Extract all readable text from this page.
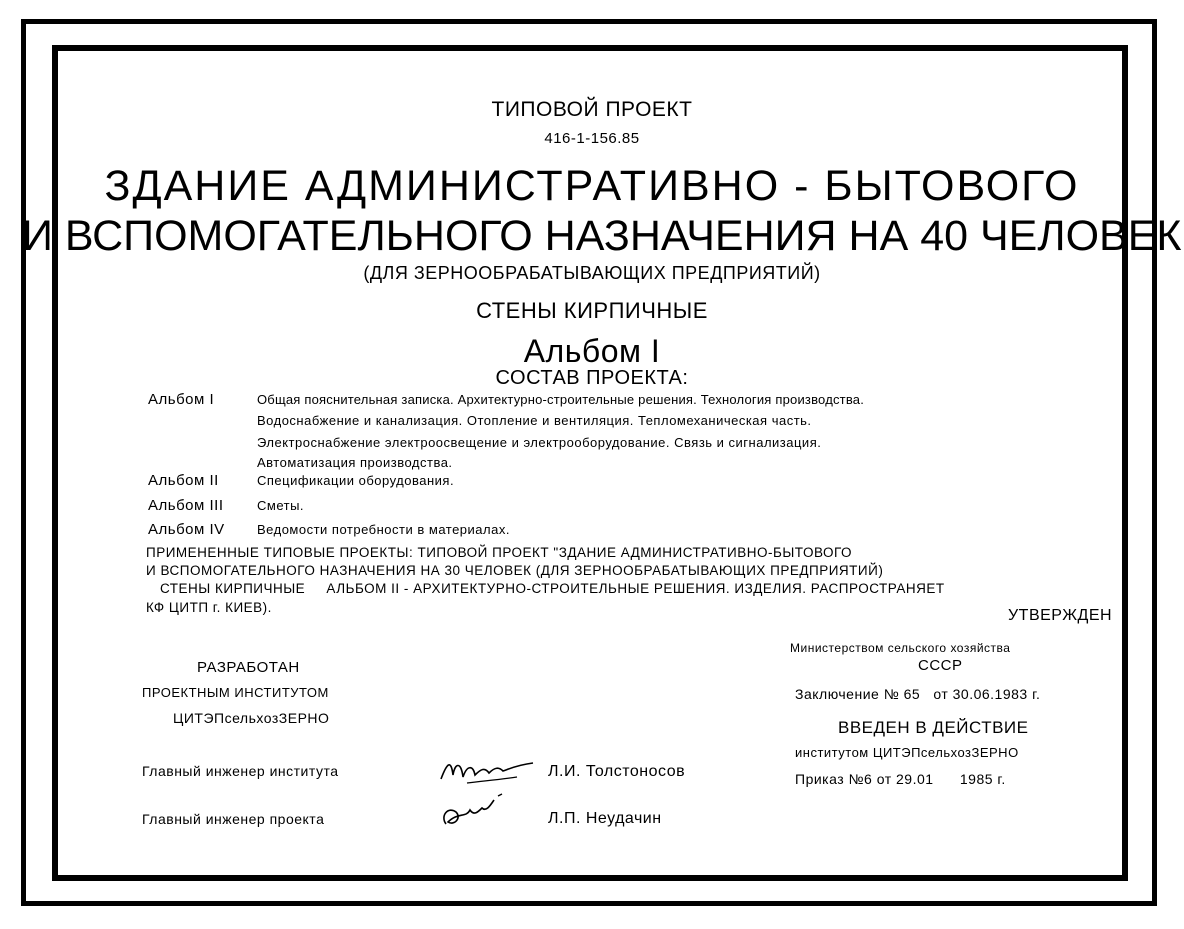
ТИПОВОЙ ПРОЕКТ
416-1-156.85
ЗДАНИЕ АДМИНИСТРАТИВНО - БЫТОВОГО
И ВСПОМОГАТЕЛЬНОГО НАЗНАЧЕНИЯ НА 40 ЧЕЛОВЕК
(ДЛЯ ЗЕРНООБРАБАТЫВАЮЩИХ ПРЕДПРИЯТИЙ)
СТЕНЫ КИРПИЧНЫЕ
Альбом I
СОСТАВ ПРОЕКТА:
Альбом I	Общая пояснительная записка. Архитектурно-строительные решения. Технология производства.
Водоснабжение и канализация. Отопление и вентиляция. Тепломеханическая часть.
Электроснабжение электроосвещение и электрооборудование. Связь и сигнализация.
Автоматизация производства.
Альбом II	Спецификации оборудования.
Альбом III	Сметы.
Альбом IV Ведомости потребности в материалах.
ПРИМЕНЕННЫЕ ТИПОВЫЕ ПРОЕКТЫ: ТИПОВОЙ ПРОЕКТ "ЗДАНИЕ АДМИНИСТРАТИВНО-БЫТОВОГО
И ВСПОМОГАТЕЛЬНОГО НАЗНАЧЕНИЯ НА 30 ЧЕЛОВЕК (ДЛЯ ЗЕРНООБРАБАТЫВАЮЩИХ ПРЕДПРИЯТИЙ)
СТЕНЫ КИРПИЧНЫЕ     АЛЬБОМ II - АРХИТЕКТУРНО-СТРОИТЕЛЬНЫЕ РЕШЕНИЯ. ИЗДЕЛИЯ. РАСПРОСТРАНЯЕТ
КФ ЦИТП г. КИЕВ).	УТВЕРЖДЕН
Министерством сельского хозяйства
СССР
Заключение № 65   от 30.06.1983 г.
ВВЕДЕН В ДЕЙСТВИЕ
институтом ЦИТЭПсельхозЗЕРНО
Приказ №6 от 29.01      1985 г.
РАЗРАБОТАН
ПРОЕКТНЫМ ИНСТИТУТОМ
ЦИТЭПсельхозЗЕРНО
Главный инженер института	Л.И. Толстоносов
Главный инженер проекта	Л.П. Неудачин
